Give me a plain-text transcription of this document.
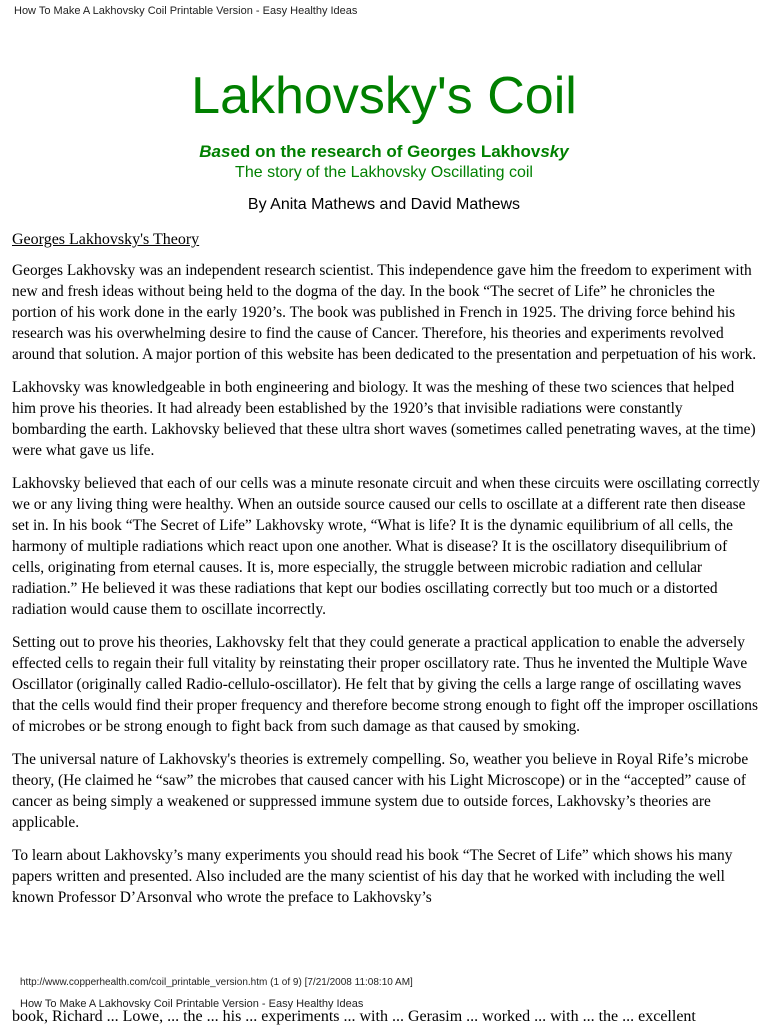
How To Make A Lakhovsky Coil Printable Version - Easy Healthy Ideas
Lakhovsky's Coil
Based on the research of Georges Lakhovsky
The story of the Lakhovsky Oscillating coil
By Anita Mathews and David Mathews
Georges Lakhovsky's Theory

Georges Lakhovsky was an independent research scientist. This independence gave him the freedom to experiment with new and fresh ideas without being held to the dogma of the day. In the book “The secret of Life” he chronicles the portion of his work done in the early 1920’s. The book was published in French in 1925. The driving force behind his research was his overwhelming desire to find the cause of Cancer. Therefore, his theories and experiments revolved around that solution. A major portion of this website has been dedicated to the presentation and perpetuation of his work.

Lakhovsky was knowledgeable in both engineering and biology. It was the meshing of these two sciences that helped him prove his theories. It had already been established by the 1920’s that invisible radiations were constantly bombarding the earth. Lakhovsky believed that these ultra short waves (sometimes called penetrating waves, at the time) were what gave us life.

Lakhovsky believed that each of our cells was a minute resonate circuit and when these circuits were oscillating correctly we or any living thing were healthy. When an outside source caused our cells to oscillate at a different rate then disease set in. In his book “The Secret of Life” Lakhovsky wrote, “What is life? It is the dynamic equilibrium of all cells, the harmony of multiple radiations which react upon one another. What is disease? It is the oscillatory disequilibrium of cells, originating from eternal causes. It is, more especially, the struggle between microbic radiation and cellular radiation.” He believed it was these radiations that kept our bodies oscillating correctly but too much or a distorted radiation would cause them to oscillate incorrectly.

Setting out to prove his theories, Lakhovsky felt that they could generate a practical application to enable the adversely effected cells to regain their full vitality by reinstating their proper oscillatory rate. Thus he invented the Multiple Wave Oscillator (originally called Radio-cellulo-oscillator). He felt that by giving the cells a large range of oscillating waves that the cells would find their proper frequency and therefore become strong enough to fight off the improper oscillations of microbes or be strong enough to fight back from such damage as that caused by smoking.

The universal nature of Lakhovsky's theories is extremely compelling. So, weather you believe in Royal Rife’s microbe theory, (He claimed he “saw” the microbes that caused cancer with his Light Microscope) or in the “accepted” cause of cancer as being simply a weakened or suppressed immune system due to outside forces, Lakhovsky’s theories are applicable.

To learn about Lakhovsky’s many experiments you should read his book “The Secret of Life” which shows his many papers written and presented. Also included are the many scientist of his day that he worked with including the well known Professor D’Arsonval who wrote the preface to Lakhovsky’s

http://www.copperhealth.com/coil_printable_version.htm (1 of 9) [7/21/2008 11:08:10 AM]
How To Make A Lakhovsky Coil Printable Version - Easy Healthy Ideas
book, Richard ... Lowe, ... the ... his ... experiments ... with ... Gerasim ... worked ... with ... the ... excellent
